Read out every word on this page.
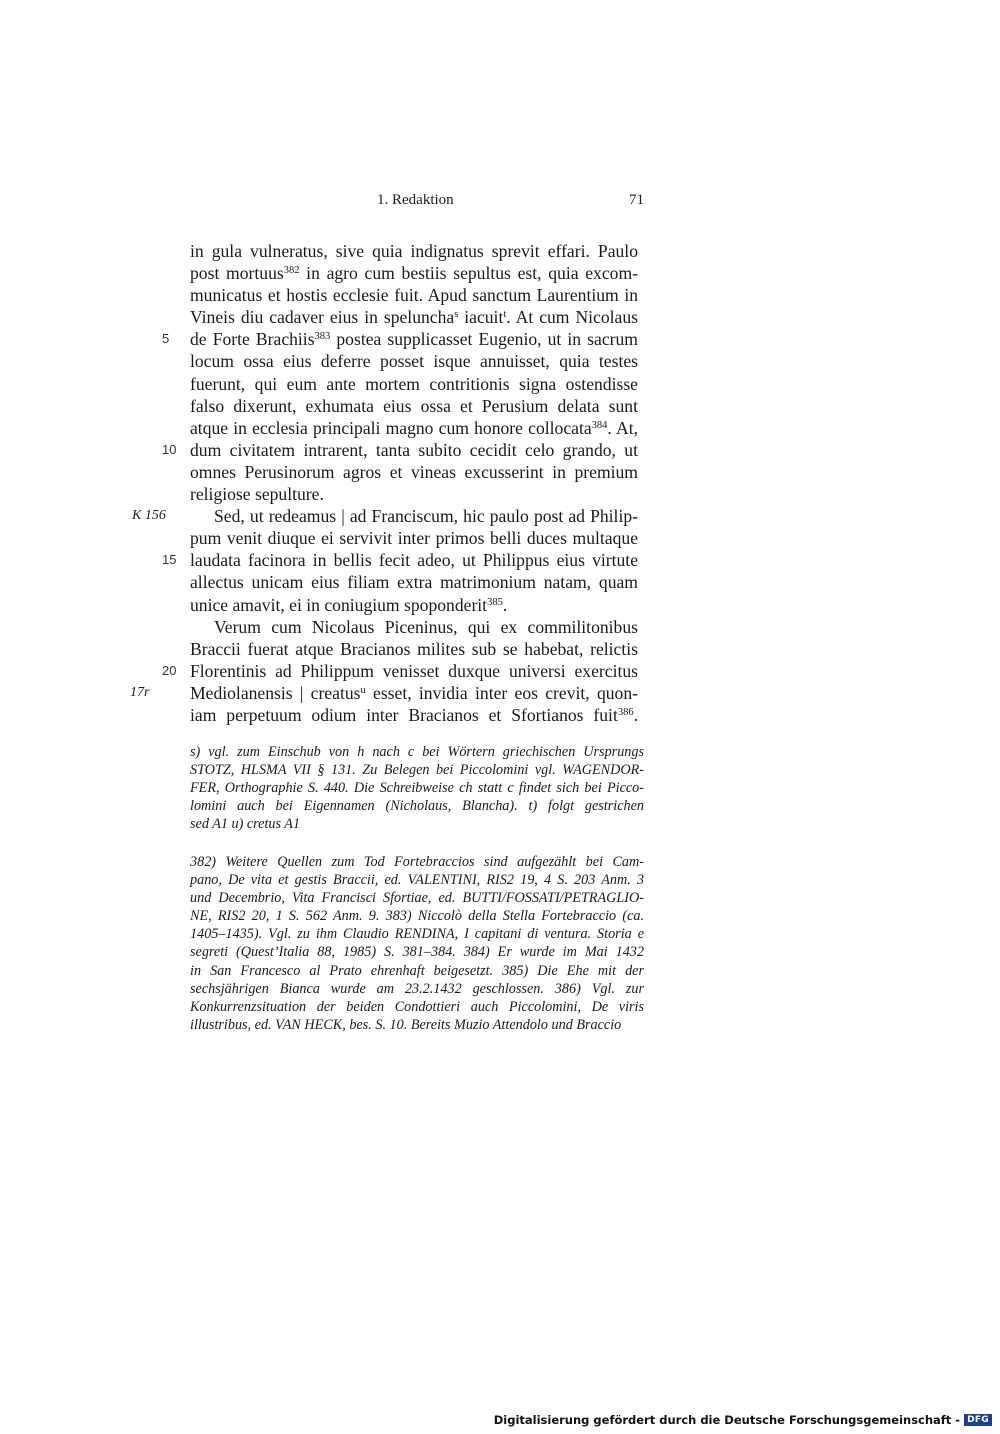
1. Redaktion	71
in gula vulneratus, sive quia indignatus sprevit effari. Paulo
post mortuus$^{382}$ in agro cum bestiis sepultus est, quia excom-
municatus et hostis ecclesie fuit. Apud sanctum Laurentium in
Vineis diu cadaver eius in speluncha$^s$ iacuit$^t$. At cum Nicolaus
5	de Forte Brachiis$^{383}$ postea supplicasset Eugenio, ut in sacrum
locum ossa eius deferre posset isque annuisset, quia testes
fuerunt, qui eum ante mortem contritionis signa ostendisse
falso dixerunt, exhumata eius ossa et Perusium delata sunt
atque in ecclesia principali magno cum honore collocata$^{384}$. At,
10 dum civitatem intrarent, tanta subito cecidit celo grando, ut
omnes Perusinorum agros et vineas excusserint in premium
religiose sepulture.
K 156	Sed, ut redeamus | ad Franciscum, hic paulo post ad Philip-
pum venit diuque ei servivit inter primos belli duces multaque
15 laudata facinora in bellis fecit adeo, ut Philippus eius virtute
allectus unicam eius filiam extra matrimonium natam, quam
unice amavit, ei in coniugium spoponderit$^{385}$.
Verum cum Nicolaus Piceninus, qui ex commilitonibus
Braccii fuerat atque Bracianos milites sub se habebat, relictis
20 Florentinis ad Philippum venisset duxque universi exercitus
17r Mediolanensis | creatus$^u$ esset, invidia inter eos crevit, quon-
iam perpetuum odium inter Bracianos et Sfortianos fuit$^{386}$.
s) vgl. zum Einschub von h nach c bei Wörtern griechischen Ursprungs
STOTZ, HLSMA VII § 131. Zu Belegen bei Piccolomini vgl. WAGENDOR-
FER, Orthographie S. 440. Die Schreibweise ch statt c findet sich bei Picco-
lomini auch bei Eigennamen (Nicholaus, Blancha). t) folgt gestrichen
sed A1 u) cretus A1
382) Weitere Quellen zum Tod Fortebraccios sind aufgezählt bei Cam-
pano, De vita et gestis Braccii, ed. VALENTINI, RIS2 19, 4 S. 203 Anm. 3
und Decembrio, Vita Francisci Sfortiae, ed. BUTTI/FOSSATI/PETRAGLIO-
NE, RIS2 20, 1 S. 562 Anm. 9. 383) Niccolò della Stella Fortebraccio (ca.
1405–1435). Vgl. zu ihm Claudio RENDINA, I capitani di ventura. Storia e
segreti (Quest’Italia 88, 1985) S. 381–384. 384) Er wurde im Mai 1432
in San Francesco al Prato ehrenhaft beigesetzt. 385) Die Ehe mit der
sechsjährigen Bianca wurde am 23.2.1432 geschlossen. 386) Vgl. zur
Konkurrenzsituation der beiden Condottieri auch Piccolomini, De viris
illustribus, ed. VAN HECK, bes. S. 10. Bereits Muzio Attendolo und Braccio
Digitalisierung gefördert durch die Deutsche Forschungsgemeinschaft - DFG
